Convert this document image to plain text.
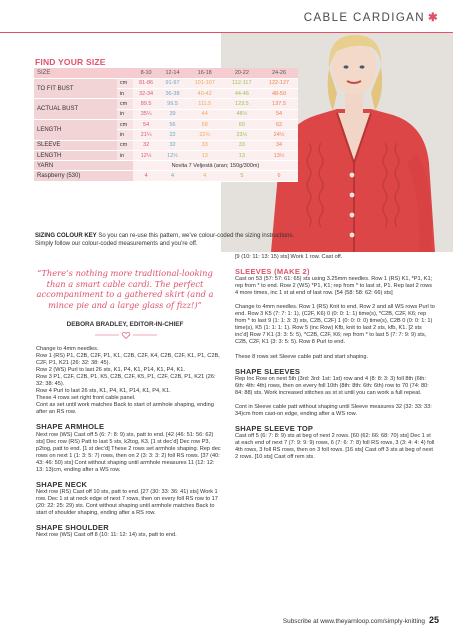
CABLE CARDIGAN ✱
FIND YOUR SIZE
SIZE		8-10	12-14	16-18	20-22	24-26
TO FIT BUST	cm	81-86	91-97	101-107	112-117	122-127
	in	32-34	36-38	40-42	44-46	48-50
ACTUAL BUST	cm	89.5	99.5	111.5	123.5	137.5
	in	35¼	39	44	48½	54
LENGTH	cm	54	56	58	60	62
	in	21¼	22	22¾	23½	24½
SLEEVE	cm	32	32	33	33	34
LENGTH	in	12½	12½	13	13	13½
YARN		Novita 7 Veljestä (aran; 150g/300m)				
Raspberry (530)		4	4	4	5	6
SIZING COLOUR KEY So you can re-use this pattern, we’ve colour-coded the sizing instructions. Simply follow our colour-coded measurements and you’re off.
“There’s nothing more traditional-looking than a smart cable cardi. The perfect accompaniment to a gathered skirt (and a mince pie and a large glass of fizz!)”
DEBORA BRADLEY, EDITOR-IN-CHIEF

Change to 4mm needles.
Row 1 (RS) P1, C2B, C2F, P1, K1, C2B, C2F, K4, C2B, C2F, K1, P1, C2B, C2F, P1, K21 (26: 32: 38: 45).
Row 2 (WS) Purl to last 26 sts, K1, P4, K1, P14, K1, P4, K1.
Row 3 P1, C2F, C2B, P1, K5, C2B, C2F, K5, P1, C2F, C2B, P1, K21 (26: 32: 38: 45).
Row 4 Purl to last 26 sts, K1, P4, K1, P14, K1, P4, K1.
These 4 rows set right front cable panel.
Cont as set until work matches Back to start of armhole shaping, ending after an RS row.

SHAPE ARMHOLE

Next row (WS) Cast off 5 (6: 7: 8: 9) sts, patt to end. [42 (46: 51: 56: 62) sts] Dec row (RS) Patt to last 5 sts, k2tog, K3. [1 st dec’d] Dec row P3, p2tog, patt to end. [1 st dec’d] These 2 rows set armhole shaping. Rep dec rows on next 1 (1: 3: 5: 7) rows, then on 2 (3: 3: 3: 2) foll RS rows. [37 (40: 43: 46: 50) sts] Cont without shaping until armhole measures 11 (12: 12: 13: 13)cm, ending after a WS row.

SHAPE NECK

Next row (RS) Cast off 10 sts, patt to end. [27 (30: 33: 36: 41) sts] Work 1 row. Dec 1 st at neck edge of next 7 rows, then on every foll RS row to 17 (20: 22: 25: 29) sts. Cont without shaping until armhole matches Back to start of shoulder shaping, ending after a RS row.

SHAPE SHOULDER

Next row (WS) Cast off 8 (10: 11: 12: 14) sts, patt to end.

[9 (10: 11: 13: 15) sts] Work 1 row. Cast off.

SLEEVES (MAKE 2)

Cast on 53 (57: 57: 61: 65) sts using 3.25mm needles. Row 1 (RS) K1, *P1, K1; rep from * to end. Row 2 (WS) *P1, K1; rep from * to last st, P1. Rep last 2 rows 4 more times, inc 1 st at end of last row. [54 (58: 58: 62: 66) sts]

Change to 4mm needles. Row 1 (RS) Knit to end. Row 2 and all WS rows Purl to end. Row 3 K5 (7: 7: 1: 1), (C2F, K6) 0 (0: 0: 1: 1) time(s), *C2B, C2F, K6; rep from * to last 9 (1: 1: 3: 3) sts, C2B, C2F) 1 (0: 0: 0: 0) time(s), C2B 0 (0: 0: 1: 1) time(s), K5 (1: 1: 1: 1). Row 5 (inc Row) Kfb, knit to last 2 sts, kfb, K1. [2 sts inc’d] Row 7 K1 (3: 3: 5: 5), *C2B, C2F, K6; rep from * to last 5 (7: 7: 9: 9) sts, C2B, C2F, K1 (3: 3: 5: 5). Row 8 Purl to end.

These 8 rows set Sleeve cable patt and start shaping.

SHAPE SLEEVES

Rep Inc Row on next 5th (3rd: 3rd: 1st: 1st) row and 4 (8: 8: 3: 3) foll 8th (6th: 6th: 4th: 4th) rows, then on every foll 10th (8th: 8th: 6th: 6th) row to 70 (74: 80: 84: 88) sts. Work increased stitches as st st until you can work a full repeat.

Cont in Sleeve cable patt without shaping until Sleeve measures 32 (32: 33: 33: 34)cm from cast-on edge, ending after a WS row.

SHAPE SLEEVE TOP

Cast off 5 (6: 7: 8: 9) sts at beg of next 2 rows. [60 (62: 66: 68: 70) sts] Dec 1 st at each end of next 7 (7: 9: 9: 9) rows, 6 (7: 6: 7: 8) foll RS rows, 3 (3: 4: 4: 4) foll 4th rows, 3 foll RS rows, then on 3 foll rows. [16 sts] Cast off 3 sts at beg of next 2 rows. [10 sts] Cast off rem sts.

Subscribe at www.theyarnloop.com/simply-knitting 25
